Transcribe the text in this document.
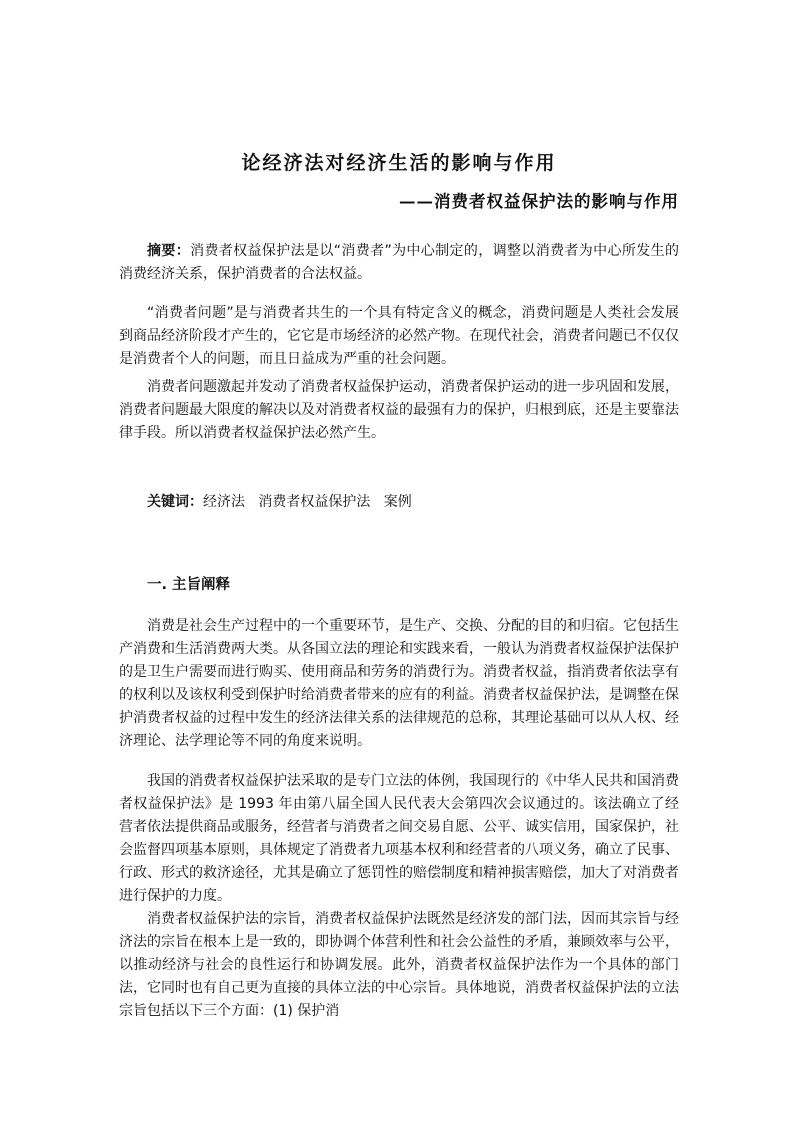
论经济法对经济生活的影响与作用
——消费者权益保护法的影响与作用

摘要：消费者权益保护法是以“消费者”为中心制定的，调整以消费者为中心所发生的消费经济关系，保护消费者的合法权益。

“消费者问题”是与消费者共生的一个具有特定含义的概念，消费问题是人类社会发展到商品经济阶段才产生的，它它是市场经济的必然产物。在现代社会，消费者问题已不仅仅是消费者个人的问题，而且日益成为严重的社会问题。

消费者问题激起并发动了消费者权益保护运动，消费者保护运动的进一步巩固和发展，消费者问题最大限度的解决以及对消费者权益的最强有力的保护，归根到底，还是主要靠法律手段。所以消费者权益保护法必然产生。

关键词：经济法   消费者权益保护法   案例
一. 主旨阐释

消费是社会生产过程中的一个重要环节，是生产、交换、分配的目的和归宿。它包括生产消费和生活消费两大类。从各国立法的理论和实践来看，一般认为消费者权益保护法保护的是卫生户需要而进行购买、使用商品和劳务的消费行为。消费者权益，指消费者依法享有的权利以及该权利受到保护时给消费者带来的应有的利益。消费者权益保护法，是调整在保护消费者权益的过程中发生的经济法律关系的法律规范的总称，其理论基础可以从人权、经济理论、法学理论等不同的角度来说明。

我国的消费者权益保护法采取的是专门立法的体例，我国现行的《中华人民共和国消费者权益保护法》是 1993 年由第八届全国人民代表大会第四次会议通过的。该法确立了经营者依法提供商品或服务，经营者与消费者之间交易自愿、公平、诚实信用，国家保护，社会监督四项基本原则，具体规定了消费者九项基本权利和经营者的八项义务，确立了民事、行政、形式的救济途径，尤其是确立了惩罚性的赔偿制度和精神损害赔偿，加大了对消费者进行保护的力度。

消费者权益保护法的宗旨，消费者权益保护法既然是经济发的部门法，因而其宗旨与经济法的宗旨在根本上是一致的，即协调个体营利性和社会公益性的矛盾，兼顾效率与公平，以推动经济与社会的良性运行和协调发展。此外，消费者权益保护法作为一个具体的部门法，它同时也有自己更为直接的具体立法的中心宗旨。具体地说，消费者权益保护法的立法宗旨包括以下三个方面：(1) 保护消
